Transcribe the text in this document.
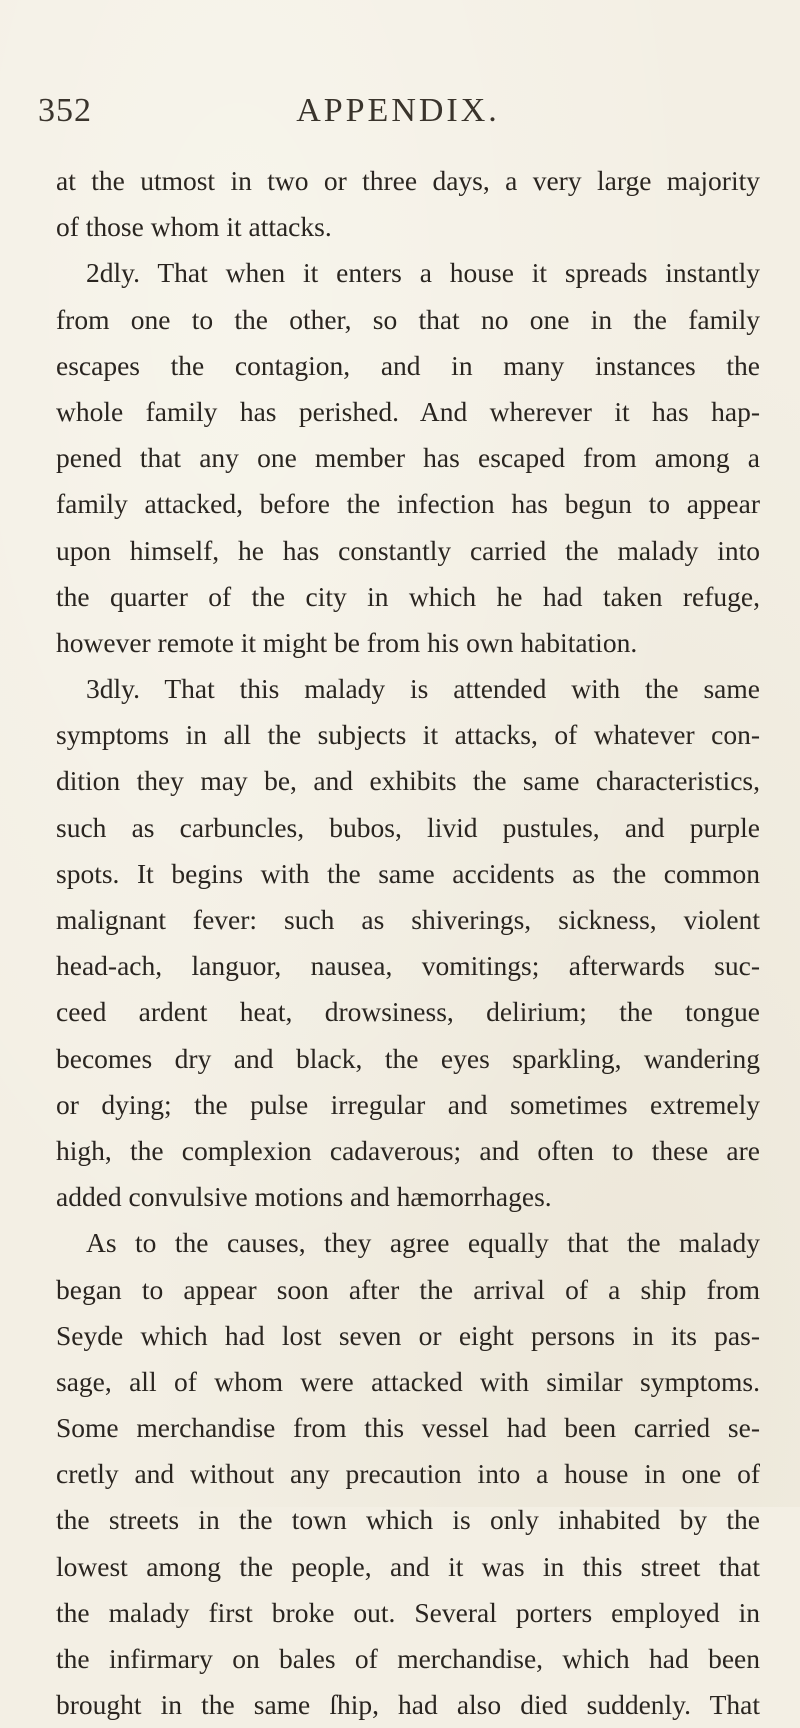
352	APPENDIX.
at the utmost in two or three days, a very large majority
of those whom it attacks.
2dly. That when it enters a house it spreads instantly
from one to the other, so that no one in the family
escapes the contagion, and in many instances the
whole family has perished. And wherever it has hap-
pened that any one member has escaped from among a
family attacked, before the infection has begun to appear
upon himself, he has constantly carried the malady into
the quarter of the city in which he had taken refuge,
however remote it might be from his own habitation.
3dly. That this malady is attended with the same
symptoms in all the subjects it attacks, of whatever con-
dition they may be, and exhibits the same characteristics,
such as carbuncles, bubos, livid pustules, and purple
spots. It begins with the same accidents as the common
malignant fever: such as shiverings, sickness, violent
head-ach, languor, nausea, vomitings; afterwards suc-
ceed ardent heat, drowsiness, delirium; the tongue
becomes dry and black, the eyes sparkling, wandering
or dying; the pulse irregular and sometimes extremely
high, the complexion cadaverous; and often to these are
added convulsive motions and hæmorrhages.
As to the causes, they agree equally that the malady
began to appear soon after the arrival of a ship from
Seyde which had lost seven or eight persons in its pas-
sage, all of whom were attacked with similar symptoms.
Some merchandise from this vessel had been carried se-
cretly and without any precaution into a house in one of
the streets in the town which is only inhabited by the
lowest among the people, and it was in this street that
the malady first broke out. Several porters employed in
the infirmary on bales of merchandise, which had been
brought in the same ſhip, had also died suddenly. That
